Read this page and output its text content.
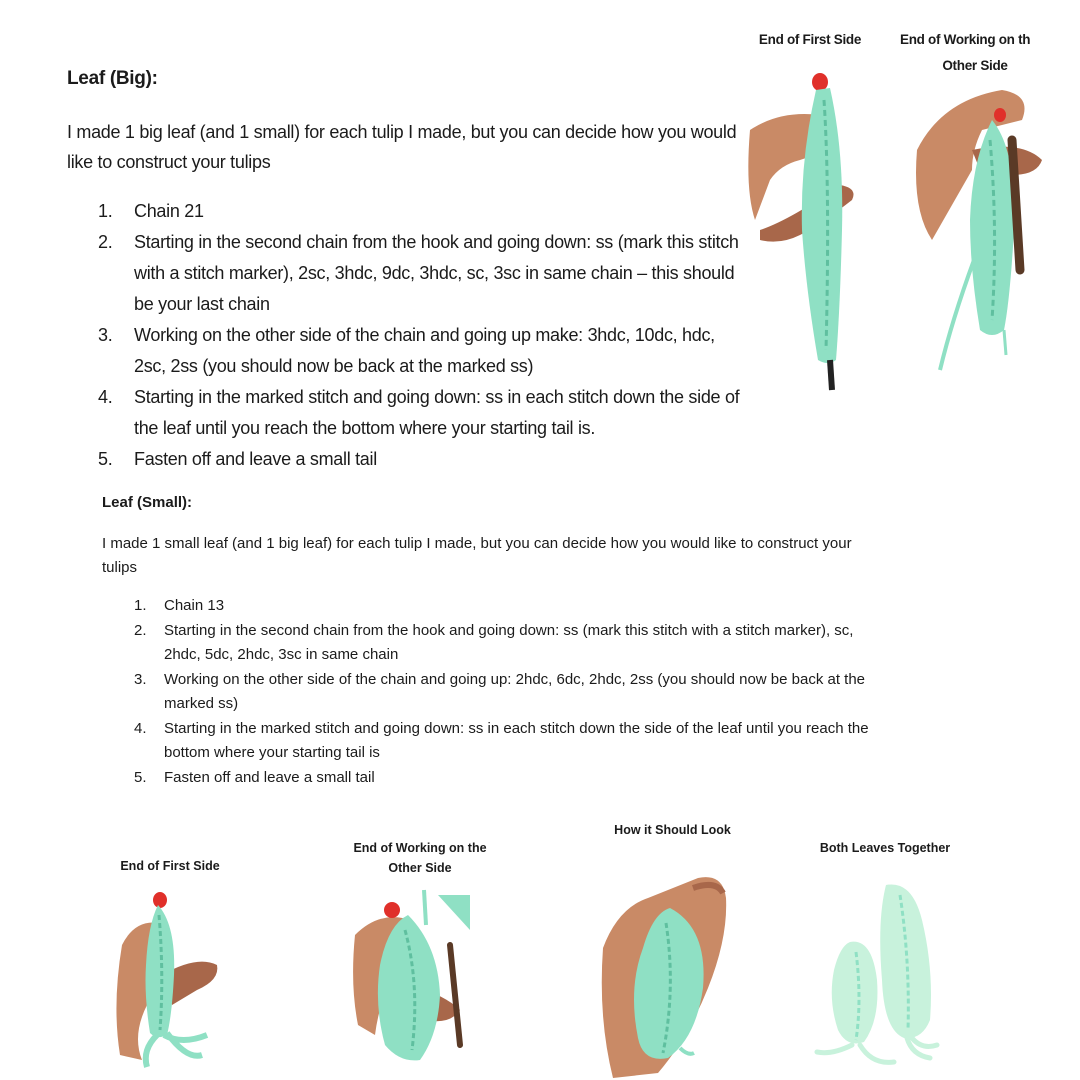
Leaf (Big):
I made 1 big leaf (and 1 small) for each tulip I made, but you can decide how you would like to construct your tulips
1. Chain 21
2. Starting in the second chain from the hook and going down: ss (mark this stitch with a stitch marker), 2sc, 3hdc, 9dc, 3hdc, sc, 3sc in same chain – this should be your last chain
3. Working on the other side of the chain and going up make: 3hdc, 10dc, hdc, 2sc, 2ss (you should now be back at the marked ss)
4. Starting in the marked stitch and going down: ss in each stitch down the side of the leaf until you reach the bottom where your starting tail is.
5. Fasten off and leave a small tail
End of First Side	End of Working on th
Other Side
Leaf (Small):
I made 1 small leaf (and 1 big leaf) for each tulip I made, but you can decide how you would like to construct your tulips
1. Chain 13
2. Starting in the second chain from the hook and going down: ss (mark this stitch with a stitch marker), sc, 2hdc, 5dc, 2hdc, 3sc in same chain
3. Working on the other side of the chain and going up: 2hdc, 6dc, 2hdc, 2ss (you should now be back at the marked ss)
4. Starting in the marked stitch and going down: ss in each stitch down the side of the leaf until you reach the bottom where your starting tail is
5. Fasten off and leave a small tail
End of First Side
End of Working on the
Other Side
How it Should Look
Both Leaves Together
